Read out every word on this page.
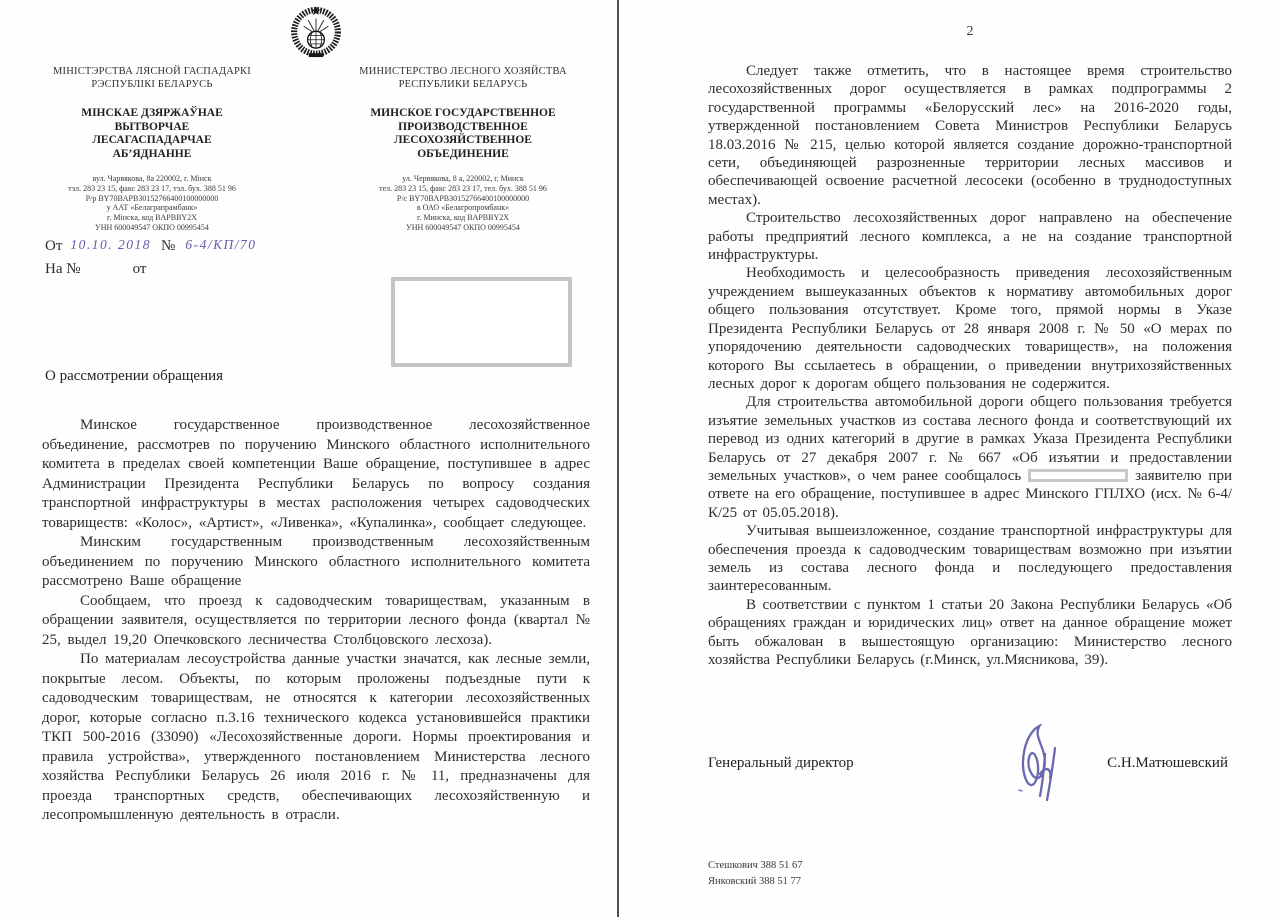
МІНІСТЭРСТВА ЛЯСНОЙ ГАСПАДАРКІ
РЭСПУБЛІКІ БЕЛАРУСЬ
МІНСКАЕ ДЗЯРЖАЎНАЕ
ВЫТВОРЧАЕ
ЛЕСАГАСПАДАРЧАЕ
АБ’ЯДНАННЕ
вул. Чарвякова, 8а 220002, г. Мінск
тэл. 283 23 15, факс 283 23 17, тэл. бух. 388 51 96
Р/р BY70BAPB30152766400100000000
у ААТ «Белаграпрамбанк»
г. Мінска, код BAPBBY2X
УНН 600049547 ОКПО 00995454
МИНИСТЕРСТВО ЛЕСНОГО ХОЗЯЙСТВА
РЕСПУБЛИКИ БЕЛАРУСЬ
МИНСКОЕ ГОСУДАРСТВЕННОЕ
ПРОИЗВОДСТВЕННОЕ
ЛЕСОХОЗЯЙСТВЕННОЕ
ОБЪЕДИНЕНИЕ
ул. Червякова, 8 а, 220002, г. Минск
тел. 283 23 15, факс 283 23 17, тел. бух. 388 51 96
Р/с BY70BAPB30152766400100000000
в ОАО «Белагропромбанк»
г. Минска, код BAPBBY2X
УНН 600049547 ОКПО 00995454
От 10.10. 2018 № 6-4/КП/70
На №	от
О рассмотрении обращения

Минское государственное производственное лесохозяйственное объединение, рассмотрев по поручению Минского областного исполнительного комитета в пределах своей компетенции Ваше обращение, поступившее в адрес Администрации Президента Республики Беларусь по вопросу создания транспортной инфраструктуры в местах расположения четырех садоводческих товариществ: «Колос», «Артист», «Ливенка», «Купалинка», сообщает следующее.

Минским государственным производственным лесохозяйственным объединением по поручению Минского областного исполнительного комитета рассмотрено Ваше обращение

Сообщаем, что проезд к садоводческим товариществам, указанным в обращении заявителя, осуществляется по территории лесного фонда (квартал № 25, выдел 19,20 Опечковского лесничества Столбцовского лесхоза).

По материалам лесоустройства данные участки значатся, как лесные земли, покрытые лесом. Объекты, по которым проложены подъездные пути к садоводческим товариществам, не относятся к категории лесохозяйственных дорог, которые согласно п.3.16 технического кодекса установившейся практики ТКП 500-2016 (33090) «Лесохозяйственные дороги. Нормы проектирования и правила устройства», утвержденного постановлением Министерства лесного хозяйства Республики Беларусь 26 июля 2016 г. № 11, предназначены для проезда транспортных средств, обеспечивающих лесохозяйственную и лесопромышленную деятельность в отрасли.

2

Следует также отметить, что в настоящее время строительство лесохозяйственных дорог осуществляется в рамках подпрограммы 2 государственной программы «Белорусский лес» на 2016-2020 годы, утвержденной постановлением Совета Министров Республики Беларусь 18.03.2016 № 215, целью которой является создание дорожно-транспортной сети, объединяющей разрозненные территории лесных массивов и обеспечивающей освоение расчетной лесосеки (особенно в труднодоступных местах).

Строительство лесохозяйственных дорог направлено на обеспечение работы предприятий лесного комплекса, а не на создание транспортной инфраструктуры.

Необходимость и целесообразность приведения лесохозяйственным учреждением вышеуказанных объектов к нормативу автомобильных дорог общего пользования отсутствует. Кроме того, прямой нормы в Указе Президента Республики Беларусь от 28 января 2008 г. № 50 «О мерах по упорядочению деятельности садоводческих товариществ», на положения которого Вы ссылаетесь в обращении, о приведении внутрихозяйственных лесных дорог к дорогам общего пользования не содержится.

Для строительства автомобильной дороги общего пользования требуется изъятие земельных участков из состава лесного фонда и соответствующий их перевод из одних категорий в другие в рамках Указа Президента Республики Беларусь от 27 декабря 2007 г. № 667 «Об изъятии и предоставлении земельных участков», о чем ранее сообщалось	заявителю при ответе на его обращение, поступившее в адрес Минского ГПЛХО (исх. № 6-4/К/25 от 05.05.2018).

Учитывая вышеизложенное, создание транспортной инфраструктуры для обеспечения проезда к садоводческим товариществам возможно при изъятии земель из состава лесного фонда и последующего предоставления заинтересованным.

В соответствии с пунктом 1 статьи 20 Закона Республики Беларусь «Об обращениях граждан и юридических лиц» ответ на данное обращение может быть обжалован в вышестоящую организацию: Министерство лесного хозяйства Республики Беларусь (г.Минск, ул.Мясникова, 39).

Генеральный директор	С.Н.Матюшевский
Стешкович 388 51 67
Янковский 388 51 77
